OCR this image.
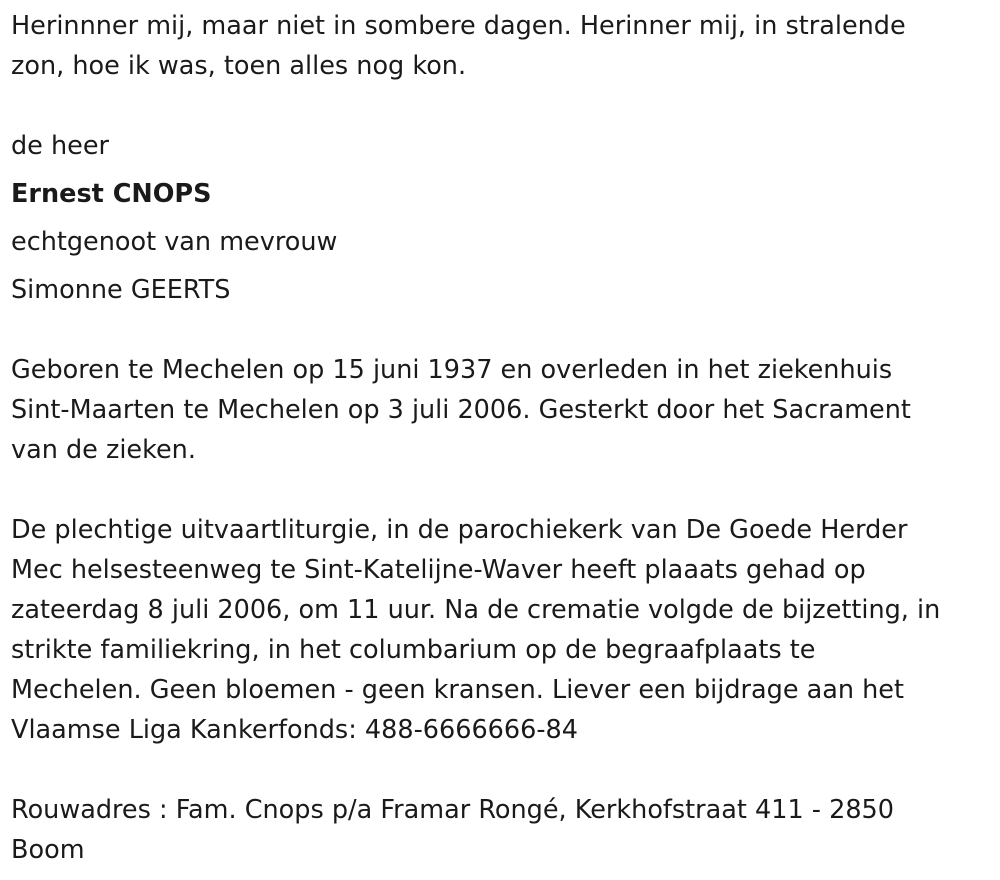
Herinnner mij, maar niet in sombere dagen. Herinner mij, in stralende
zon, hoe ik was, toen alles nog kon.

de heer

Ernest CNOPS

echtgenoot van mevrouw

Simonne GEERTS

Geboren te Mechelen op 15 juni 1937 en overleden in het ziekenhuis
Sint-Maarten te Mechelen op 3 juli 2006. Gesterkt door het Sacrament
van de zieken.

De plechtige uitvaartliturgie, in de parochiekerk van De Goede Herder
Mec helsesteenweg te Sint-Katelijne-Waver heeft plaaats gehad op
zateerdag 8 juli 2006, om 11 uur. Na de crematie volgde de bijzetting, in
strikte familiekring, in het columbarium op de begraafplaats te
Mechelen. Geen bloemen - geen kransen. Liever een bijdrage aan het
Vlaamse Liga Kankerfonds: 488-6666666-84

Rouwadres : Fam. Cnops p/a Framar Rongé, Kerkhofstraat 411 - 2850
Boom
